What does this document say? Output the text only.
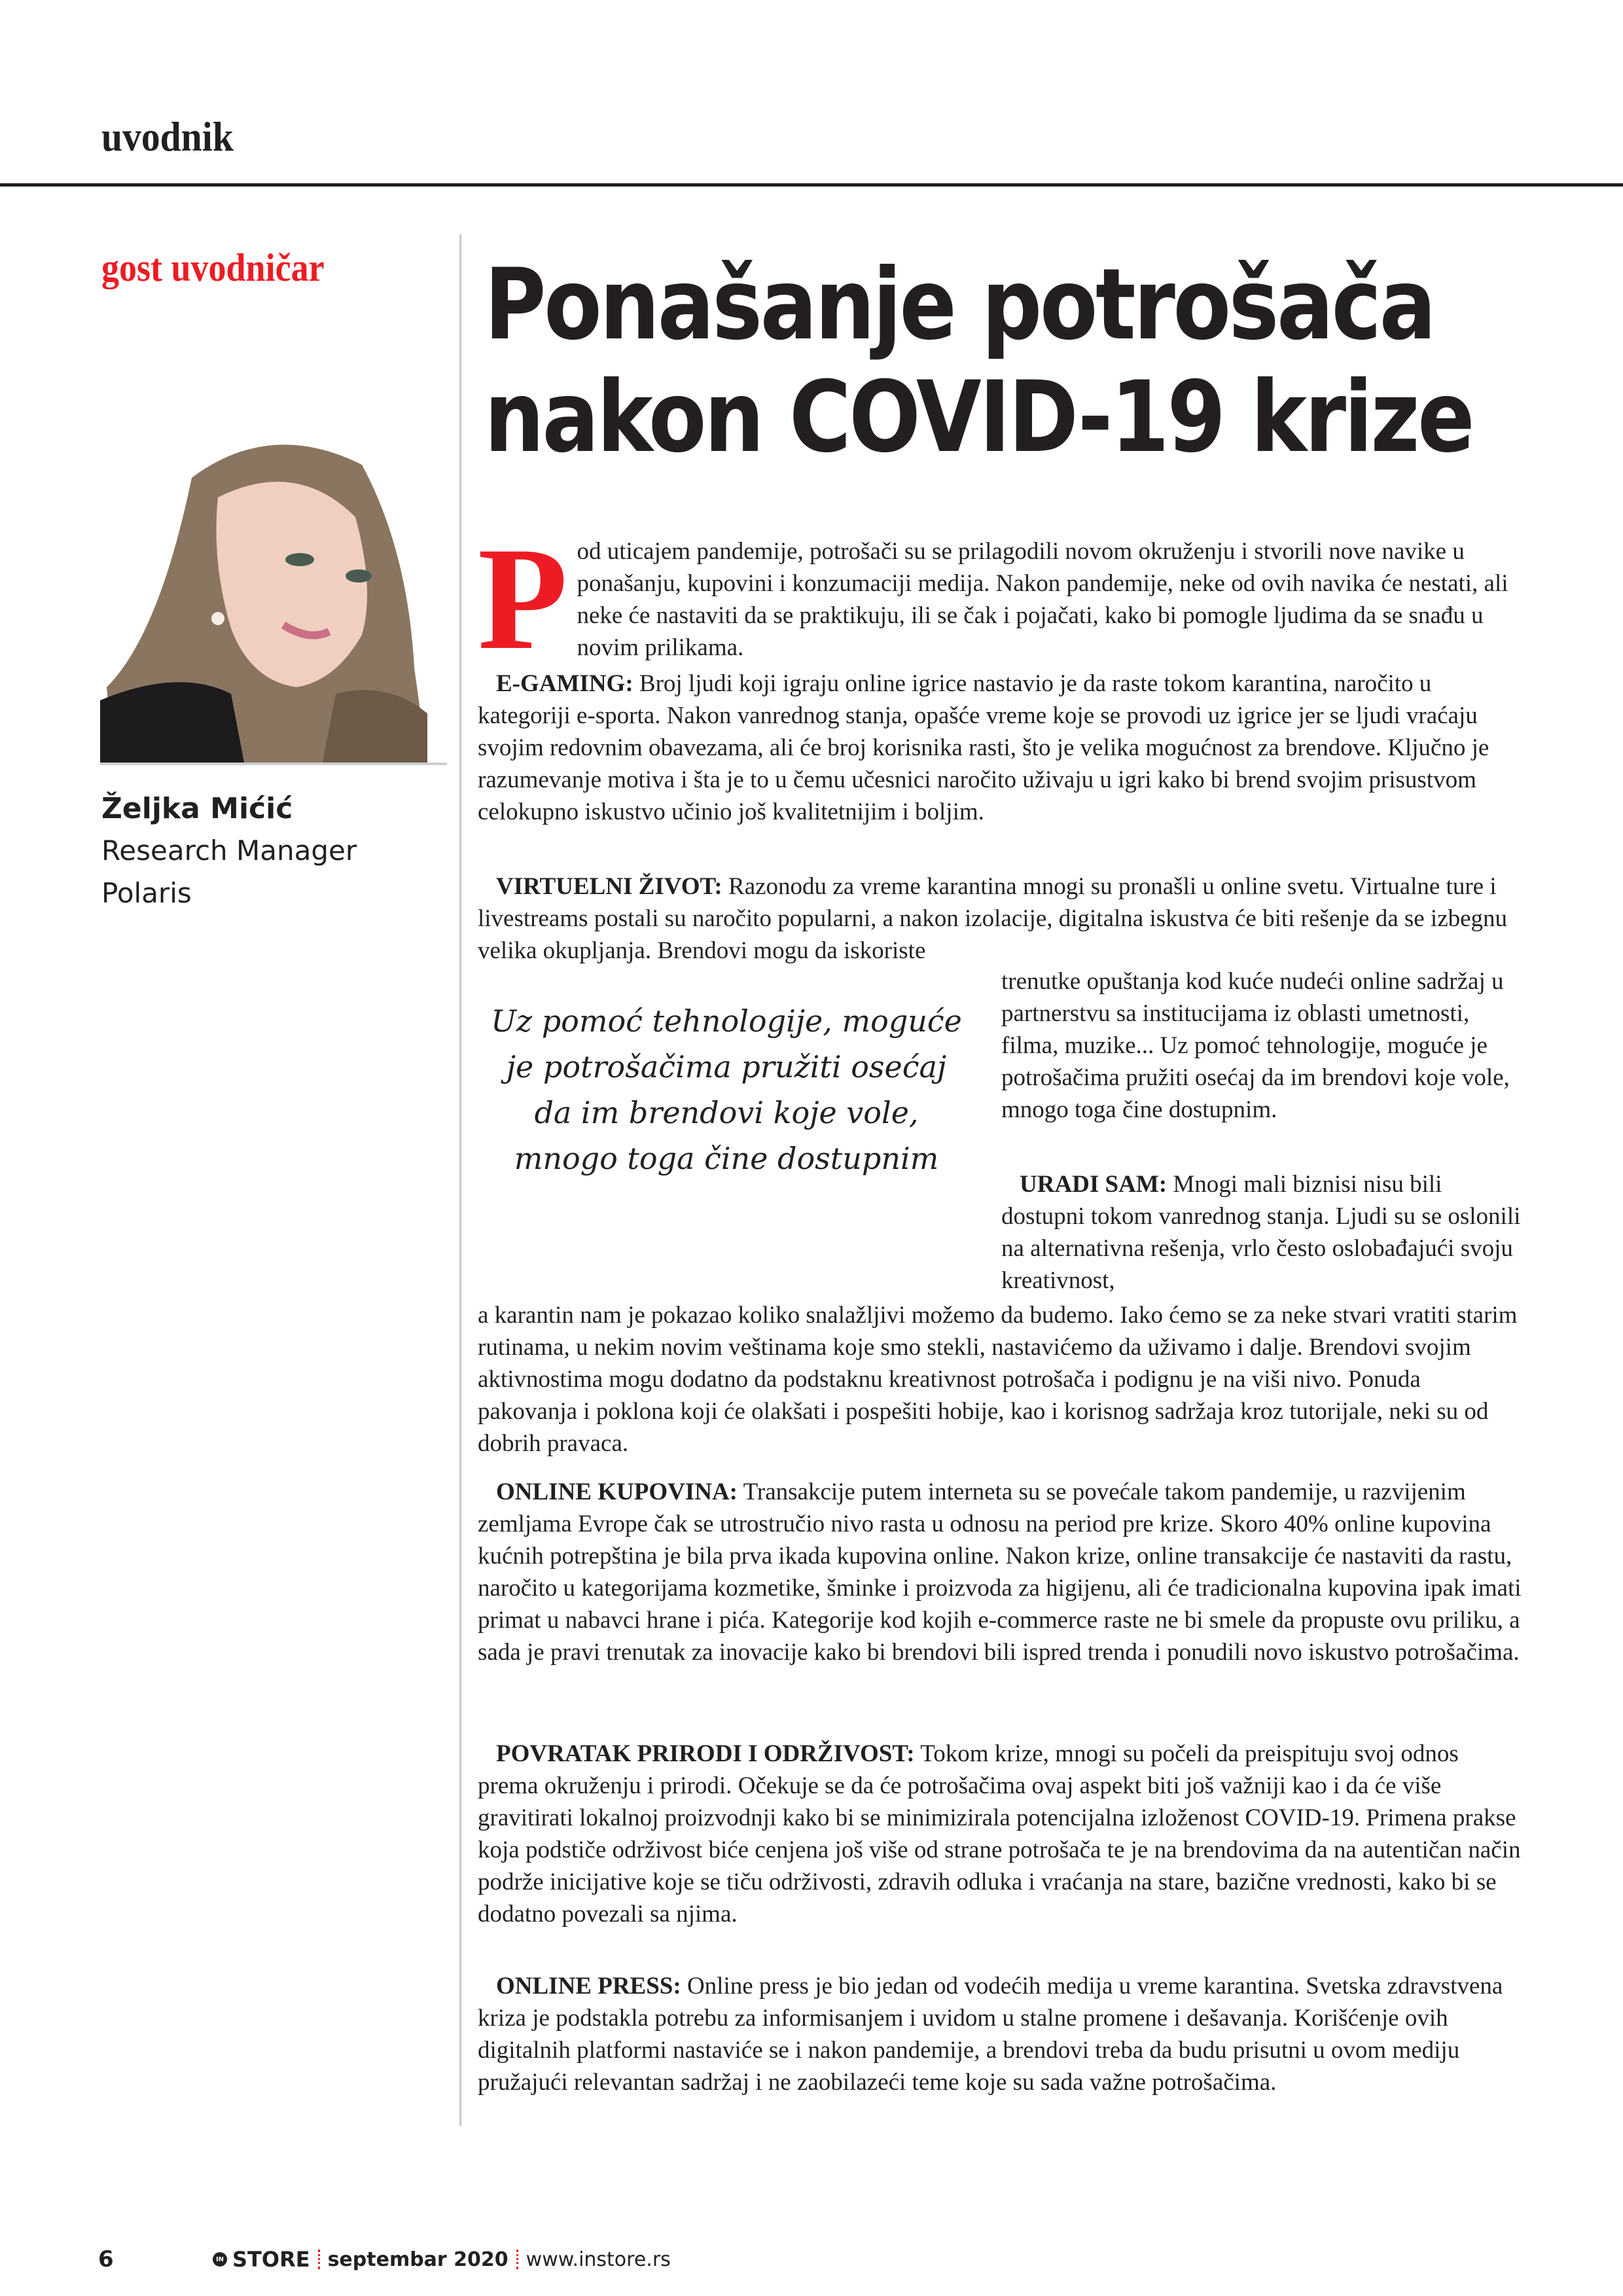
uvodnik
gost uvodničar
Željka Mićić
Research Manager
Polaris
Ponašanje potrošača
nakon COVID-19 krize
Pod uticajem pandemije, potrošači su se prilagodili novom okruženju i stvorili nove navike u ponašanju, kupovini i konzumaciji medija. Nakon pandemije, neke od ovih navika će nestati, ali neke će nastaviti da se praktikuju, ili se čak i pojačati, kako bi pomogle ljudima da se snađu u novim prilikama.
E-GAMING: Broj ljudi koji igraju online igrice nastavio je da raste tokom karantina, naročito u kategoriji e-sporta. Nakon vanrednog stanja, opašće vreme koje se provodi uz igrice jer se ljudi vraćaju svojim redovnim obavezama, ali će broj korisnika rasti, što je velika mogućnost za brendove. Ključno je razumevanje motiva i šta je to u čemu učesnici naročito uživaju u igri kako bi brend svojim prisustvom celokupno iskustvo učinio još kvalitetnijim i boljim.
VIRTUELNI ŽIVOT: Razonodu za vreme karantina mnogi su pronašli u online svetu. Virtualne ture i livestreams postali su naročito popularni, a nakon izolacije, digitalna iskustva će biti rešenje da se izbegnu velika okupljanja. Brendovi mogu da iskoriste
trenutke opuštanja kod kuće nudeći online sadržaj u partnerstvu sa institucijama iz oblasti umetnosti, filma, muzike... Uz pomoć tehnologije, moguće je potrošačima pružiti osećaj da im brendovi koje vole, mnogo toga čine dostupnim.
Uz pomoć tehnologije, moguće je potrošačima pružiti osećaj da im brendovi koje vole, mnogo toga čine dostupnim
URADI SAM: Mnogi mali biznisi nisu bili dostupni tokom vanrednog stanja. Ljudi su se oslonili na alternativna rešenja, vrlo često oslobađajući svoju kreativnost,
a karantin nam je pokazao koliko snalažljivi možemo da budemo. Iako ćemo se za neke stvari vratiti starim rutinama, u nekim novim veštinama koje smo stekli, nastavićemo da uživamo i dalje. Brendovi svojim aktivnostima mogu dodatno da podstaknu kreativnost potrošača i podignu je na viši nivo. Ponuda pakovanja i poklona koji će olakšati i pospešiti hobije, kao i korisnog sadržaja kroz tutorijale, neki su od dobrih pravaca.
ONLINE KUPOVINA: Transakcije putem interneta su se povećale takom pandemije, u razvijenim zemljama Evrope čak se utrostručio nivo rasta u odnosu na period pre krize. Skoro 40% online kupovina kućnih potrepština je bila prva ikada kupovina online. Nakon krize, online transakcije će nastaviti da rastu, naročito u kategorijama kozmetike, šminke i proizvoda za higijenu, ali će tradicionalna kupovina ipak imati primat u nabavci hrane i pića. Kategorije kod kojih e-commerce raste ne bi smele da propuste ovu priliku, a sada je pravi trenutak za inovacije kako bi brendovi bili ispred trenda i ponudili novo iskustvo potrošačima.
POVRATAK PRIRODI I ODRŽIVOST: Tokom krize, mnogi su počeli da preispituju svoj odnos prema okruženju i prirodi. Očekuje se da će potrošačima ovaj aspekt biti još važniji kao i da će više gravitirati lokalnoj proizvodnji kako bi se minimizirala potencijalna izloženost COVID-19. Primena prakse koja podstiče održivost biće cenjena još više od strane potrošača te je na brendovima da na autentičan način podrže inicijative koje se tiču održivosti, zdravih odluka i vraćanja na stare, bazične vrednosti, kako bi se dodatno povezali sa njima.
ONLINE PRESS: Online press je bio jedan od vodećih medija u vreme karantina. Svetska zdravstvena kriza je podstakla potrebu za informisanjem i uvidom u stalne promene i dešavanja. Korišćenje ovih digitalnih platformi nastaviće se i nakon pandemije, a brendovi treba da budu prisutni u ovom mediju pružajući relevantan sadržaj i ne zaobilazeći teme koje su sada važne potrošačima.
6	IN STORE septembar 2020 www.instore.rs
